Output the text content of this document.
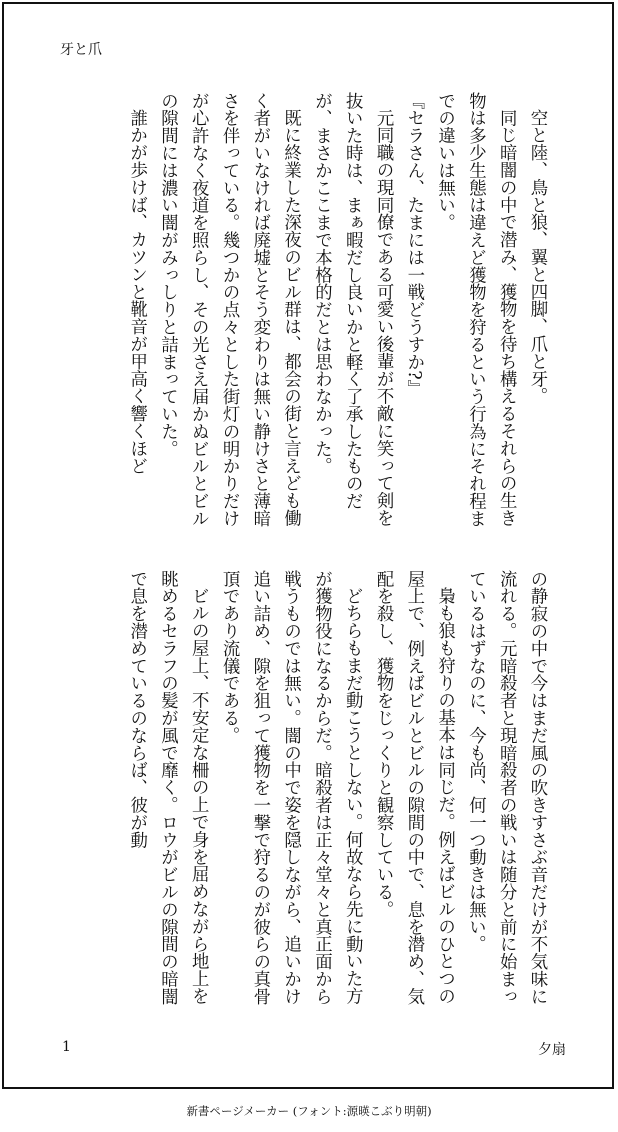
牙と爪

空と陸、鳥と狼、翼と四脚、爪と牙。

同じ暗闇の中で潜み、獲物を待ち構えるそれらの生き物は多少生態は違えど獲物を狩るという行為にそれ程までの違いは無い。

『セラさん、たまには一戦どうすか?』

元同職の現同僚である可愛い後輩が不敵に笑って剣を抜いた時は、まぁ暇だし良いかと軽く了承したものだが、まさかここまで本格的だとは思わなかった。

既に終業した深夜のビル群は、都会の街と言えども働く者がいなければ廃墟とそう変わりは無い静けさと薄暗さを伴っている。幾つかの点々とした街灯の明かりだけが心許なく夜道を照らし、その光さえ届かぬビルとビルの隙間には濃い闇がみっしりと詰まっていた。

誰かが歩けば、カツンと靴音が甲高く響くほど

の静寂の中で今はまだ風の吹きすさぶ音だけが不気味に流れる。元暗殺者と現暗殺者の戦いは随分と前に始まっているはずなのに、今も尚、何一つ動きは無い。

梟も狼も狩りの基本は同じだ。例えばビルのひとつの屋上で、例えばビルとビルの隙間の中で、息を潜め、気配を殺し、獲物をじっくりと観察している。

どちらもまだ動こうとしない。何故なら先に動いた方が獲物役になるからだ。暗殺者は正々堂々と真正面から戦うものでは無い。闇の中で姿を隠しながら、追いかけ追い詰め、隙を狙って獲物を一撃で狩るのが彼らの真骨頂であり流儀である。

ビルの屋上、不安定な柵の上で身を屈めながら地上を眺めるセラフの髪が風で靡く。ロウがビルの隙間の暗闇で息を潜めているのならば、彼が動

1	夕扇
新書ページメーカー (フォント:源暎こぶり明朝)
